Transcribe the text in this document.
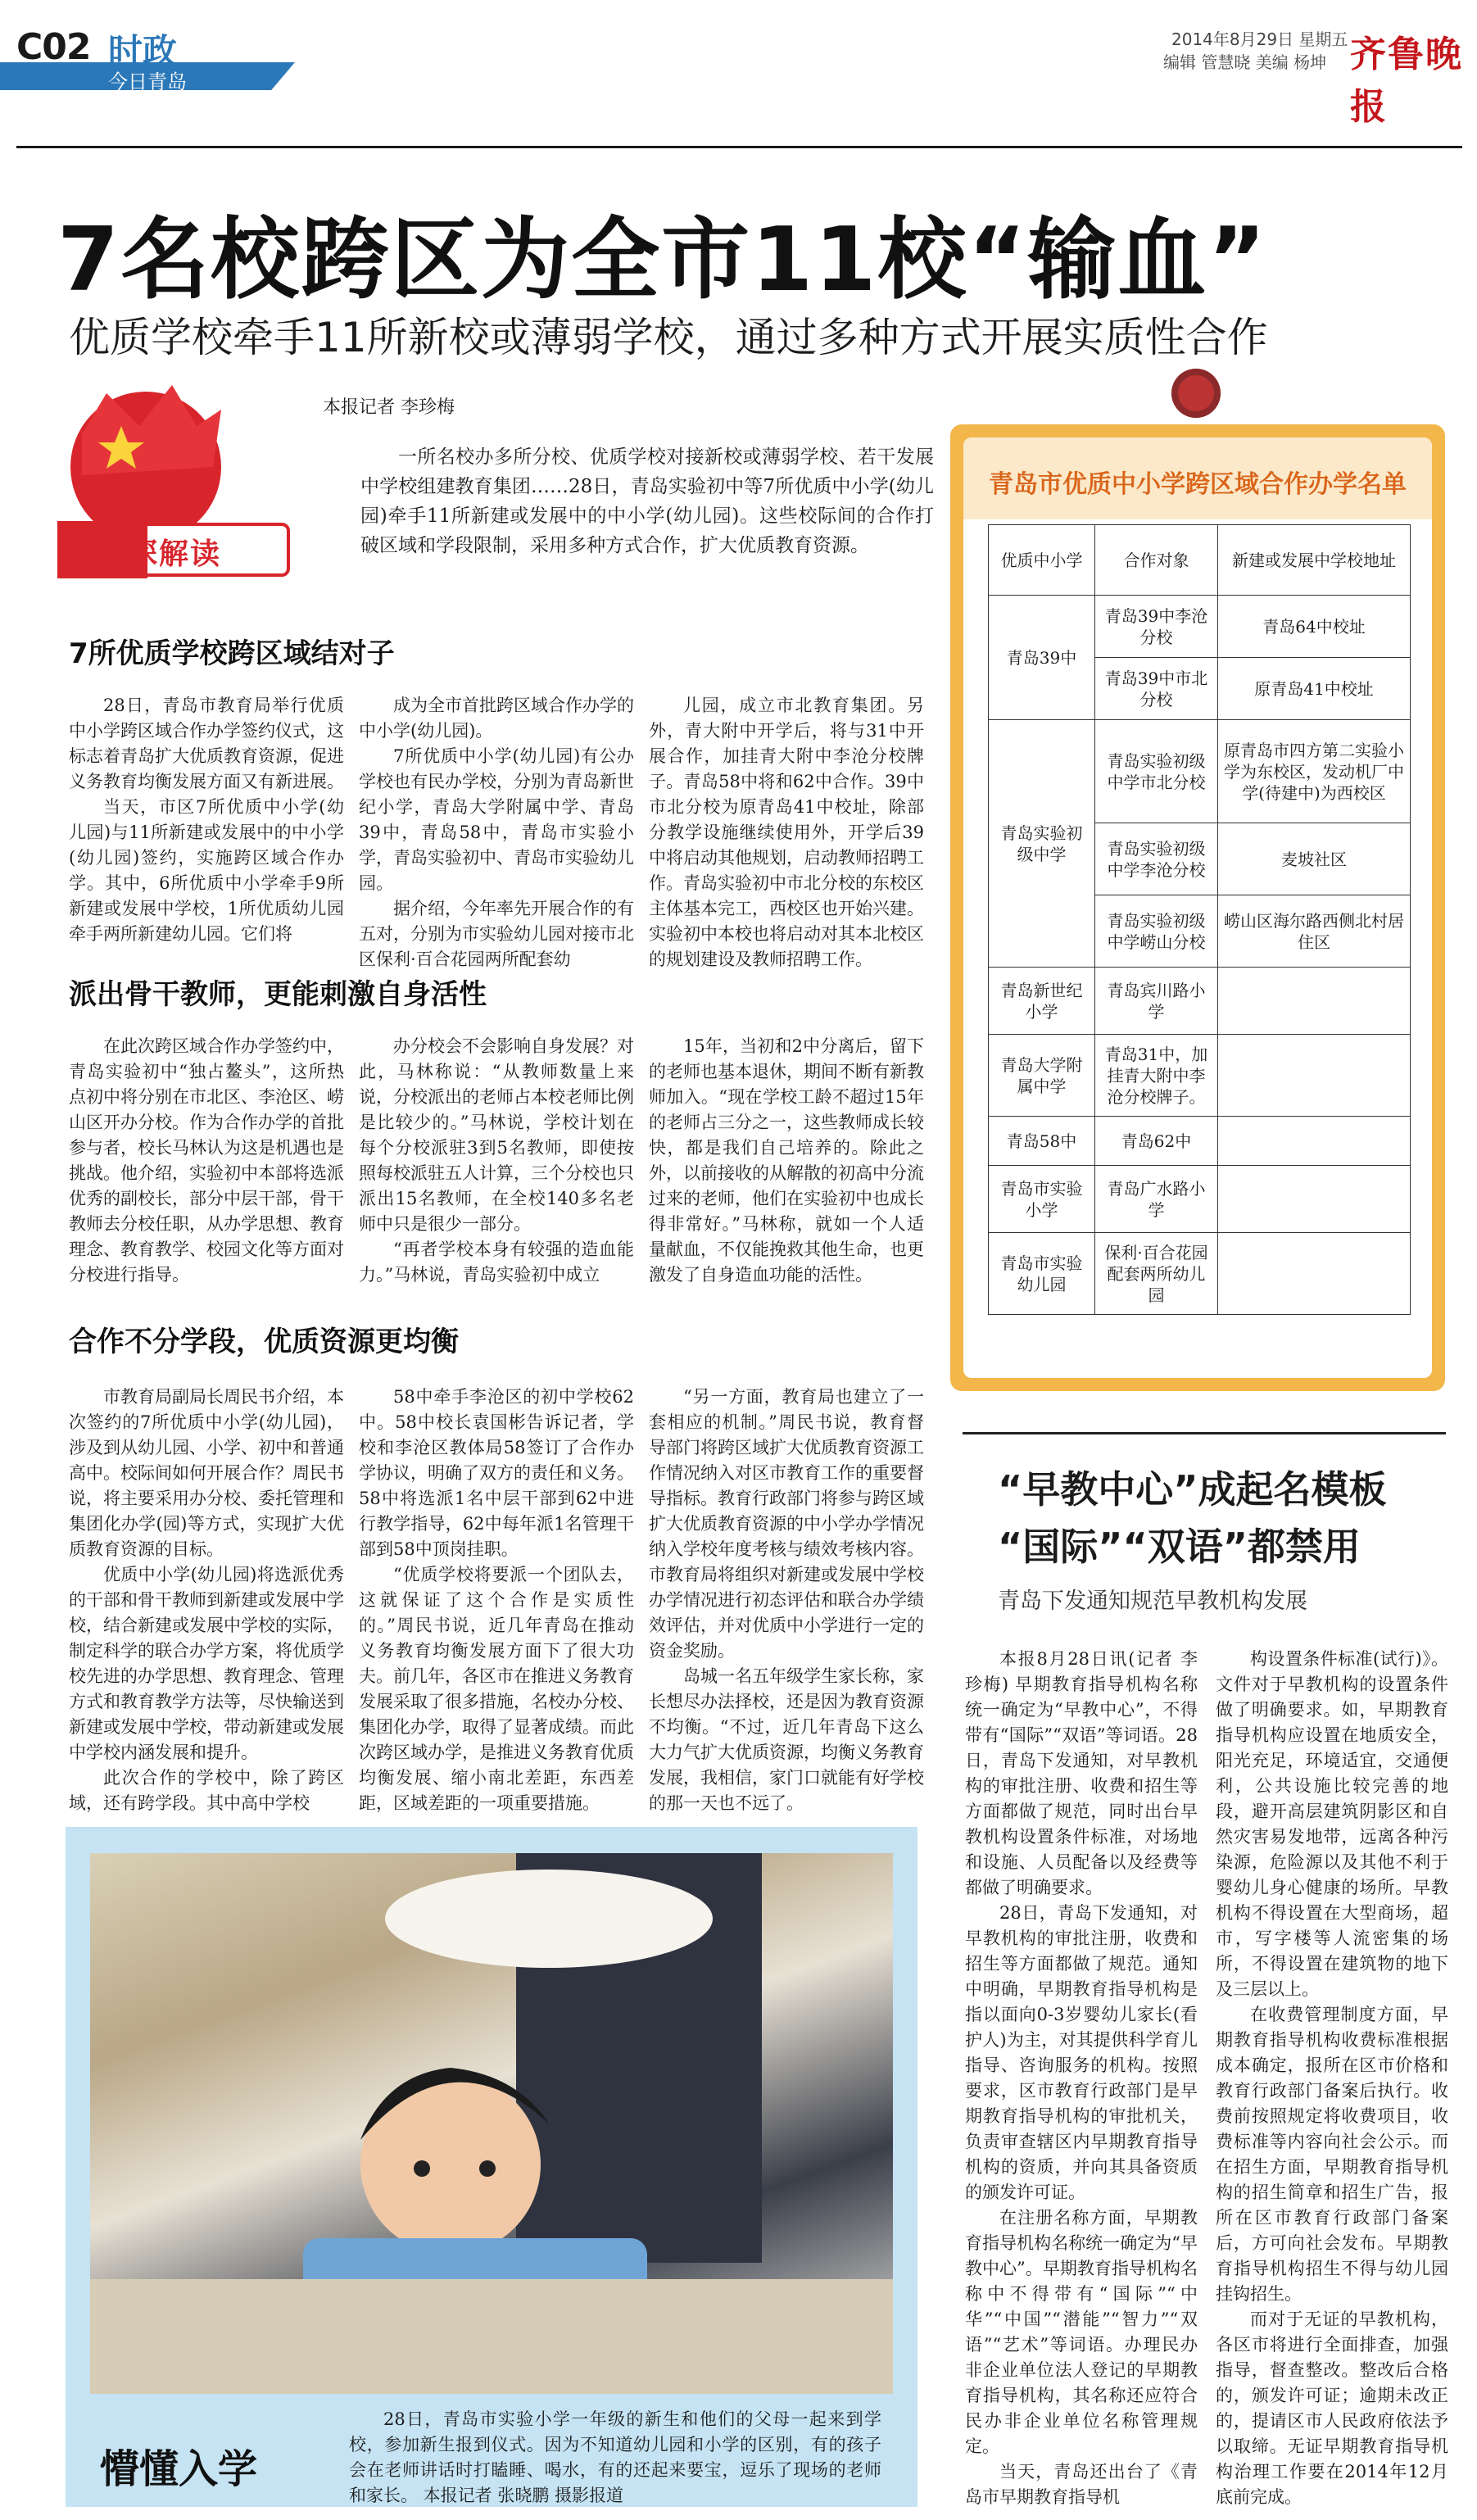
C02 时政
今日青岛
2014年8月29日 星期五
编辑 管慧晓 美编 杨坤 齐鲁晚报
7名校跨区为全市11校“输血”
优质学校牵手11所新校或薄弱学校，通过多种方式开展实质性合作
热点深解读
本报记者 李珍梅
一所名校办多所分校、优质学校对接新校或薄弱学校、若干发展中学校组建教育集团……28日，青岛实验初中等7所优质中小学(幼儿园)牵手11所新建或发展中的中小学(幼儿园)。这些校际间的合作打破区域和学段限制，采用多种方式合作，扩大优质教育资源。
7所优质学校跨区域结对子

28日，青岛市教育局举行优质中小学跨区域合作办学签约仪式，这标志着青岛扩大优质教育资源，促进义务教育均衡发展方面又有新进展。

当天，市区7所优质中小学(幼儿园)与11所新建或发展中的中小学(幼儿园)签约，实施跨区域合作办学。其中，6所优质中小学牵手9所新建或发展中学校，1所优质幼儿园牵手两所新建幼儿园。它们将

成为全市首批跨区域合作办学的中小学(幼儿园)。

7所优质中小学(幼儿园)有公办学校也有民办学校，分别为青岛新世纪小学，青岛大学附属中学、青岛39中，青岛58中，青岛市实验小学，青岛实验初中、青岛市实验幼儿园。

据介绍，今年率先开展合作的有五对，分别为市实验幼儿园对接市北区保利·百合花园两所配套幼

儿园，成立市北教育集团。另外，青大附中开学后，将与31中开展合作，加挂青大附中李沧分校牌子。青岛58中将和62中合作。39中市北分校为原青岛41中校址，除部分教学设施继续使用外，开学后39中将启动其他规划，启动教师招聘工作。青岛实验初中市北分校的东校区主体基本完工，西校区也开始兴建。实验初中本校也将启动对其本北校区的规划建设及教师招聘工作。

派出骨干教师，更能刺激自身活性

在此次跨区域合作办学签约中，青岛实验初中“独占鳌头”，这所热点初中将分别在市北区、李沧区、崂山区开办分校。作为合作办学的首批参与者，校长马林认为这是机遇也是挑战。他介绍，实验初中本部将选派优秀的副校长，部分中层干部，骨干教师去分校任职，从办学思想、教育理念、教育教学、校园文化等方面对分校进行指导。

办分校会不会影响自身发展？对此，马林称说：“从教师数量上来说，分校派出的老师占本校老师比例是比较少的。”马林说，学校计划在每个分校派驻3到5名教师，即使按照每校派驻五人计算，三个分校也只派出15名教师，在全校140多名老师中只是很少一部分。

“再者学校本身有较强的造血能力。”马林说，青岛实验初中成立

15年，当初和2中分离后，留下的老师也基本退休，期间不断有新教师加入。“现在学校工龄不超过15年的老师占三分之一，这些教师成长较快，都是我们自己培养的。除此之外，以前接收的从解散的初高中分流过来的老师，他们在实验初中也成长得非常好。”马林称，就如一个人适量献血，不仅能挽救其他生命，也更激发了自身造血功能的活性。

合作不分学段，优质资源更均衡

市教育局副局长周民书介绍，本次签约的7所优质中小学(幼儿园)，涉及到从幼儿园、小学、初中和普通高中。校际间如何开展合作？周民书说，将主要采用办分校、委托管理和集团化办学(园)等方式，实现扩大优质教育资源的目标。

优质中小学(幼儿园)将选派优秀的干部和骨干教师到新建或发展中学校，结合新建或发展中学校的实际，制定科学的联合办学方案，将优质学校先进的办学思想、教育理念、管理方式和教育教学方法等，尽快输送到新建或发展中学校，带动新建或发展中学校内涵发展和提升。

此次合作的学校中，除了跨区域，还有跨学段。其中高中学校

58中牵手李沧区的初中学校62中。58中校长袁国彬告诉记者，学校和李沧区教体局58签订了合作办学协议，明确了双方的责任和义务。58中将选派1名中层干部到62中进行教学指导，62中每年派1名管理干部到58中顶岗挂职。

“优质学校将要派一个团队去，这就保证了这个合作是实质性的。”周民书说，近几年青岛在推动义务教育均衡发展方面下了很大功夫。前几年，各区市在推进义务教育发展采取了很多措施，名校办分校、集团化办学，取得了显著成绩。而此次跨区域办学，是推进义务教育优质均衡发展、缩小南北差距，东西差距，区域差距的一项重要措施。

“另一方面，教育局也建立了一套相应的机制。”周民书说，教育督导部门将跨区域扩大优质教育资源工作情况纳入对区市教育工作的重要督导指标。教育行政部门将参与跨区域扩大优质教育资源的中小学办学情况纳入学校年度考核与绩效考核内容。市教育局将组织对新建或发展中学校办学情况进行初态评估和联合办学绩效评估，并对优质中小学进行一定的资金奖励。

岛城一名五年级学生家长称，家长想尽办法择校，还是因为教育资源不均衡。“不过，近几年青岛下这么大力气扩大优质资源，均衡义务教育发展，我相信，家门口就能有好学校的那一天也不远了。

青岛市优质中小学跨区域合作办学名单
优质中小学	合作对象	新建或发展中学校地址
青岛39中	青岛39中李沧分校	青岛64中校址
	青岛39中市北分校	原青岛41中校址
青岛实验初级中学	青岛实验初级中学市北分校	原青岛市四方第二实验小学为东校区，发动机厂中学(待建中)为西校区
	青岛实验初级中学李沧分校	麦坡社区
	青岛实验初级中学崂山分校	崂山区海尔路西侧北村居住区
青岛新世纪小学	青岛宾川路小学	
青岛大学附属中学	青岛31中，加挂青大附中李沧分校牌子。	
青岛58中	青岛62中	
青岛市实验小学	青岛广水路小学	
青岛市实验幼儿园	保利·百合花园配套两所幼儿园	
“早教中心”成起名模板
“国际”“双语”都禁用
青岛下发通知规范早教机构发展

本报8月28日讯(记者 李珍梅) 早期教育指导机构名称统一确定为“早教中心”，不得带有“国际”“双语”等词语。28日，青岛下发通知，对早教机构的审批注册、收费和招生等方面都做了规范，同时出台早教机构设置条件标准，对场地和设施、人员配备以及经费等都做了明确要求。

28日，青岛下发通知，对早教机构的审批注册，收费和招生等方面都做了规范。通知中明确，早期教育指导机构是指以面向0-3岁婴幼儿家长(看护人)为主，对其提供科学育儿指导、咨询服务的机构。按照要求，区市教育行政部门是早期教育指导机构的审批机关，负责审查辖区内早期教育指导机构的资质，并向其具备资质的颁发许可证。

在注册名称方面，早期教育指导机构名称统一确定为“早教中心”。早期教育指导机构名称中不得带有“国际”“中华”“中国”“潜能”“智力”“双语”“艺术”等词语。办理民办非企业单位法人登记的早期教育指导机构，其名称还应符合民办非企业单位名称管理规定。

当天，青岛还出台了《青岛市早期教育指导机

构设置条件标准(试行)》。文件对于早教机构的设置条件做了明确要求。如，早期教育指导机构应设置在地质安全，阳光充足，环境适宜，交通便利，公共设施比较完善的地段，避开高层建筑阴影区和自然灾害易发地带，远离各种污染源，危险源以及其他不利于婴幼儿身心健康的场所。早教机构不得设置在大型商场，超市，写字楼等人流密集的场所，不得设置在建筑物的地下及三层以上。

在收费管理制度方面，早期教育指导机构收费标准根据成本确定，报所在区市价格和教育行政部门备案后执行。收费前按照规定将收费项目，收费标准等内容向社会公示。而在招生方面，早期教育指导机构的招生简章和招生广告，报所在区市教育行政部门备案后，方可向社会发布。早期教育指导机构招生不得与幼儿园挂钩招生。

而对于无证的早教机构，各区市将进行全面排查，加强指导，督查整改。整改后合格的，颁发许可证；逾期未改正的，提请区市人民政府依法予以取缔。无证早期教育指导机构治理工作要在2014年12月底前完成。

懵懂入学
28日，青岛市实验小学一年级的新生和他们的父母一起来到学校，参加新生报到仪式。因为不知道幼儿园和小学的区别，有的孩子会在老师讲话时打瞌睡、喝水，有的还起来要宝，逗乐了现场的老师和家长。 本报记者 张晓鹏 摄影报道
